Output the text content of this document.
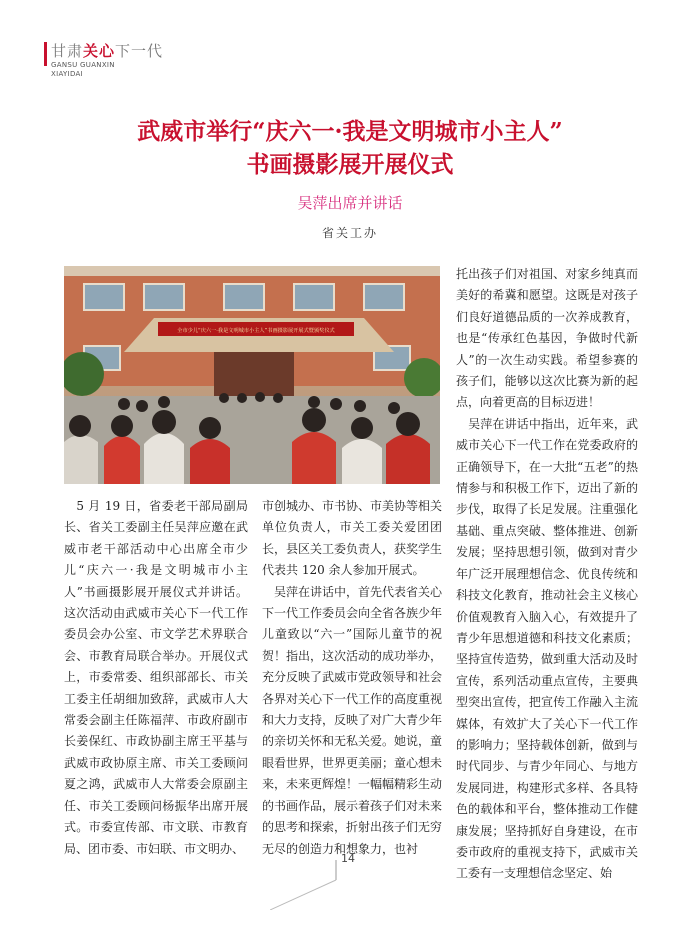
甘肃关心下一代
GANSU GUANXIN
XIAYIDAI
武威市举行“庆六一·我是文明城市小主人”
书画摄影展开展仪式
吴萍出席并讲话
省关工办
全市少儿“庆六一·我是文明城市小主人”书画摄影展开展式暨颁奖仪式
　5 月 19 日，省委老干部局副局长、省关工委副主任吴萍应邀在武威市老干部活动中心出席全市少儿“庆六一·我是文明城市小主人”书画摄影展开展仪式并讲话。这次活动由武威市关心下一代工作委员会办公室、市文学艺术界联合会、市教育局联合举办。开展仪式上，市委常委、组织部部长、市关工委主任胡细加致辞，武威市人大常委会副主任陈福萍、市政府副市长姜保红、市政协副主席王平基与武威市政协原主席、市关工委顾问夏之鸿，武威市人大常委会原副主任、市关工委顾问杨振华出席开展式。市委宣传部、市文联、市教育局、团市委、市妇联、市文明办、
市创城办、市书协、市美协等相关单位负责人，市关工委关爱团团长，县区关工委负责人，获奖学生代表共 120 余人参加开展式。
　吴萍在讲话中，首先代表省关心下一代工作委员会向全省各族少年儿童致以“六一”国际儿童节的祝贺！指出，这次活动的成功举办，充分反映了武威市党政领导和社会各界对关心下一代工作的高度重视和大力支持，反映了对广大青少年的亲切关怀和无私关爱。她说，童眼看世界，世界更美丽；童心想未来，未来更辉煌！一幅幅精彩生动的书画作品，展示着孩子们对未来的思考和探索，折射出孩子们无穷无尽的创造力和想象力，也衬
托出孩子们对祖国、对家乡纯真而美好的希冀和愿望。这既是对孩子们良好道德品质的一次养成教育，也是“传承红色基因，争做时代新人”的一次生动实践。希望参赛的孩子们，能够以这次比赛为新的起点，向着更高的目标迈进！
　吴萍在讲话中指出，近年来，武威市关心下一代工作在党委政府的正确领导下，在一大批“五老”的热情参与和积极工作下，迈出了新的步伐，取得了长足发展。注重强化基础、重点突破、整体推进、创新发展；坚持思想引领，做到对青少年广泛开展理想信念、优良传统和科技文化教育，推动社会主义核心价值观教育入脑入心，有效提升了青少年思想道德和科技文化素质；坚持宣传造势，做到重大活动及时宣传，系列活动重点宣传，主要典型突出宣传，把宣传工作融入主流媒体，有效扩大了关心下一代工作的影响力；坚持载体创新，做到与时代同步、与青少年同心、与地方发展同进，构建形式多样、各具特色的载体和平台，整体推动工作健康发展；坚持抓好自身建设，在市委市政府的重视支持下，武威市关工委有一支理想信念坚定、始
14
